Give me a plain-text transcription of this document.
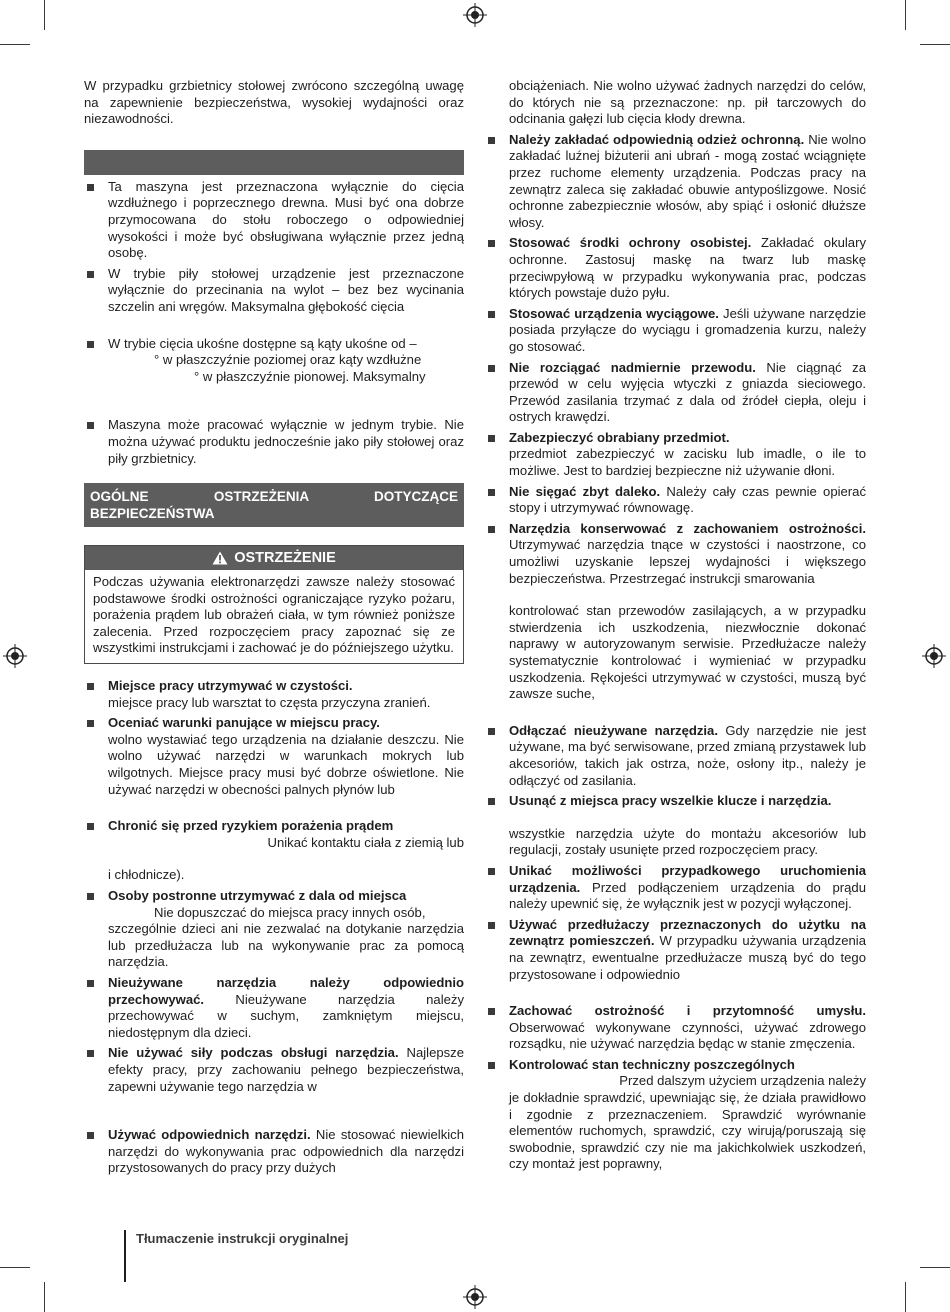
W przypadku grzbietnicy stołowej zwrócono szczególną uwagę na zapewnienie bezpieczeństwa, wysokiej wydajności oraz niezawodności.

Ta maszyna jest przeznaczona wyłącznie do cięcia wzdłużnego i poprzecznego drewna. Musi być ona dobrze przymocowana do stołu roboczego o odpowiedniej wysokości i może być obsługiwana wyłącznie przez jedną osobę.
W trybie piły stołowej urządzenie jest przeznaczone wyłącznie do przecinania na wylot – bez bez wycinania szczelin ani wręgów. Maksymalna głębokość cięcia
W trybie cięcia ukośne dostępne są kąty ukośne od –
° w płaszczyźnie poziomej oraz kąty wzdłużne
° w płaszczyźnie pionowej. Maksymalny
Maszyna może pracować wyłącznie w jednym trybie. Nie można używać produktu jednocześnie jako piły stołowej oraz piły grzbietnicy.
OGÓLNE OSTRZEŻENIA DOTYCZĄCE BEZPIECZEŃSTWA
OSTRZEŻENIE

Podczas używania elektronarzędzi zawsze należy stosować podstawowe środki ostrożności ograniczające ryzyko pożaru, porażenia prądem lub obrażeń ciała, w tym również poniższe zalecenia. Przed rozpoczęciem pracy zapoznać się ze wszystkimi instrukcjami i zachować je do późniejszego użytku.

Miejsce pracy utrzymywać w czystości.
miejsce pracy lub warsztat to częsta przyczyna zranień.
Oceniać warunki panujące w miejscu pracy.
wolno wystawiać tego urządzenia na działanie deszczu. Nie wolno używać narzędzi w warunkach mokrych lub wilgotnych. Miejsce pracy musi być dobrze oświetlone. Nie używać narzędzi w obecności palnych płynów lub
Chronić się przed ryzykiem porażenia prądem

Unikać kontaktu ciała z ziemią lub

i chłodnicze).

Osoby postronne utrzymywać z dala od miejsca

Nie dopuszczać do miejsca pracy innych osób,
szczególnie dzieci ani nie zezwalać na dotykanie narzędzia lub przedłużacza lub na wykonywanie prac za pomocą narzędzia.
Nieużywane narzędzia należy odpowiednio przechowywać. Nieużywane narzędzia należy przechowywać w suchym, zamkniętym miejscu, niedostępnym dla dzieci.
Nie używać siły podczas obsługi narzędzia. Najlepsze efekty pracy, przy zachowaniu pełnego bezpieczeństwa, zapewni używanie tego narzędzia w
Używać odpowiednich narzędzi. Nie stosować niewielkich narzędzi do wykonywania prac odpowiednich dla narzędzi przystosowanych do pracy przy dużych

obciążeniach. Nie wolno używać żadnych narzędzi do celów, do których nie są przeznaczone: np. pił tarczowych do odcinania gałęzi lub cięcia kłody drewna.

Należy zakładać odpowiednią odzież ochronną. Nie wolno zakładać luźnej biżuterii ani ubrań - mogą zostać wciągnięte przez ruchome elementy urządzenia. Podczas pracy na zewnątrz zaleca się zakładać obuwie antypoślizgowe. Nosić ochronne zabezpiecznie włosów, aby spiąć i osłonić dłuższe włosy.
Stosować środki ochrony osobistej. Zakładać okulary ochronne. Zastosuj maskę na twarz lub maskę przeciwpyłową w przypadku wykonywania prac, podczas których powstaje dużo pyłu.
Stosować urządzenia wyciągowe. Jeśli używane narzędzie posiada przyłącze do wyciągu i gromadzenia kurzu, należy go stosować.
Nie rozciągać nadmiernie przewodu. Nie ciągnąć za przewód w celu wyjęcia wtyczki z gniazda sieciowego. Przewód zasilania trzymać z dala od źródeł ciepła, oleju i ostrych krawędzi.
Zabezpieczyć obrabiany przedmiot.
przedmiot zabezpieczyć w zacisku lub imadle, o ile to możliwe. Jest to bardziej bezpieczne niż używanie dłoni.
Nie sięgać zbyt daleko. Należy cały czas pewnie opierać stopy i utrzymywać równowagę.
Narzędzia konserwować z zachowaniem ostrożności. Utrzymywać narzędzia tnące w czystości i naostrzone, co umożliwi uzyskanie lepszej wydajności i większego bezpieczeństwa. Przestrzegać instrukcji smarowania
kontrolować stan przewodów zasilających, a w przypadku stwierdzenia ich uszkodzenia, niezwłocznie dokonać naprawy w autoryzowanym serwisie. Przedłużacze należy systematycznie kontrolować i wymieniać w przypadku uszkodzenia. Rękojeści utrzymywać w czystości, muszą być zawsze suche,
Odłączać nieużywane narzędzia. Gdy narzędzie nie jest używane, ma być serwisowane, przed zmianą przystawek lub akcesoriów, takich jak ostrza, noże, osłony itp., należy je odłączyć od zasilania.
Usunąć z miejsca pracy wszelkie klucze i narzędzia.
wszystkie narzędzia użyte do montażu akcesoriów lub regulacji, zostały usunięte przed rozpoczęciem pracy.
Unikać możliwości przypadkowego uruchomienia urządzenia. Przed podłączeniem urządzenia do prądu należy upewnić się, że wyłącznik jest w pozycji wyłączonej.
Używać przedłużaczy przeznaczonych do użytku na zewnątrz pomieszczeń. W przypadku używania urządzenia na zewnątrz, ewentualne przedłużacze muszą być do tego przystosowane i odpowiednio
Zachować ostrożność i przytomność umysłu. Obserwować wykonywane czynności, używać zdrowego rozsądku, nie używać narzędzia będąc w stanie zmęczenia.
Kontrolować stan techniczny poszczególnych

Przed dalszym użyciem urządzenia należy
je dokładnie sprawdzić, upewniając się, że działa prawidłowo i zgodnie z przeznaczeniem. Sprawdzić wyrównanie elementów ruchomych, sprawdzić, czy wirują/poruszają się swobodnie, sprawdzić czy nie ma jakichkolwiek uszkodzeń, czy montaż jest poprawny,
Tłumaczenie instrukcji oryginalnej
